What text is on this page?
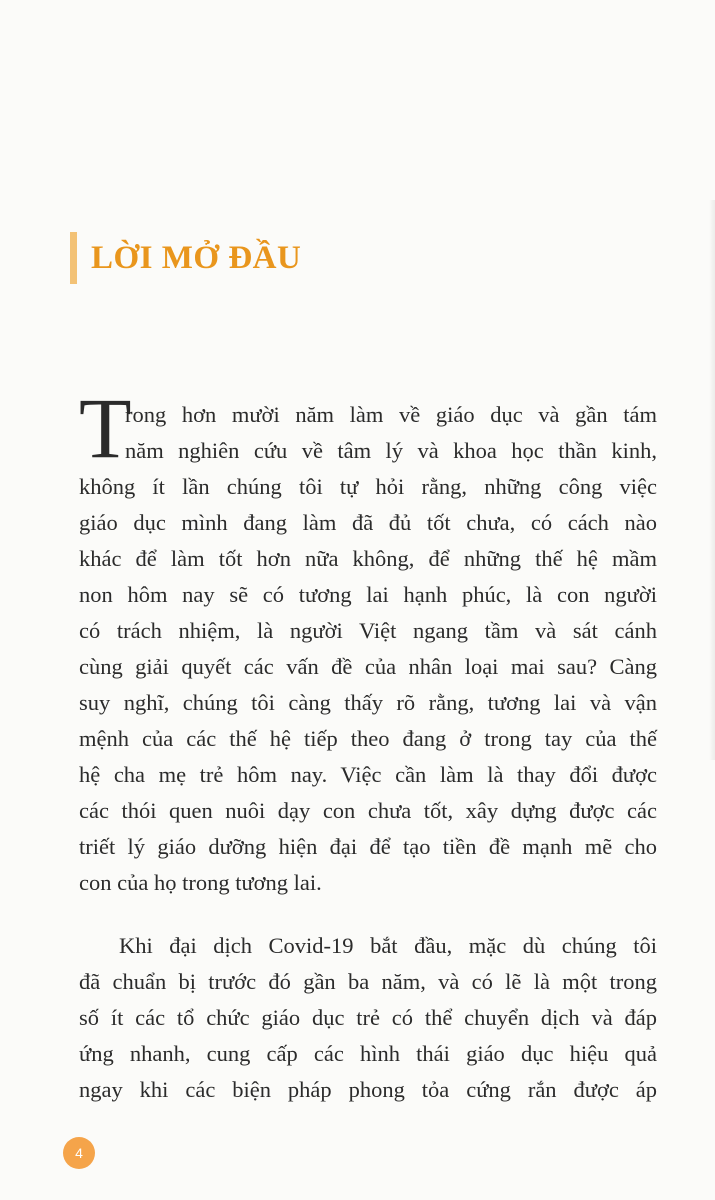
LỜI MỞ ĐẦU
T
rong hơn mười năm làm về giáo dục và gần tám
năm nghiên cứu về tâm lý và khoa học thần kinh,
không ít lần chúng tôi tự hỏi rằng, những công việc
giáo dục mình đang làm đã đủ tốt chưa, có cách nào
khác để làm tốt hơn nữa không, để những thế hệ mầm
non hôm nay sẽ có tương lai hạnh phúc, là con người
có trách nhiệm, là người Việt ngang tầm và sát cánh
cùng giải quyết các vấn đề của nhân loại mai sau? Càng
suy nghĩ, chúng tôi càng thấy rõ rằng, tương lai và vận
mệnh của các thế hệ tiếp theo đang ở trong tay của thế
hệ cha mẹ trẻ hôm nay. Việc cần làm là thay đổi được
các thói quen nuôi dạy con chưa tốt, xây dựng được các
triết lý giáo dưỡng hiện đại để tạo tiền đề mạnh mẽ cho
con của họ trong tương lai.
Khi đại dịch Covid-19 bắt đầu, mặc dù chúng tôi
đã chuẩn bị trước đó gần ba năm, và có lẽ là một trong
số ít các tổ chức giáo dục trẻ có thể chuyển dịch và đáp
ứng nhanh, cung cấp các hình thái giáo dục hiệu quả
ngay khi các biện pháp phong tỏa cứng rắn được áp
4
